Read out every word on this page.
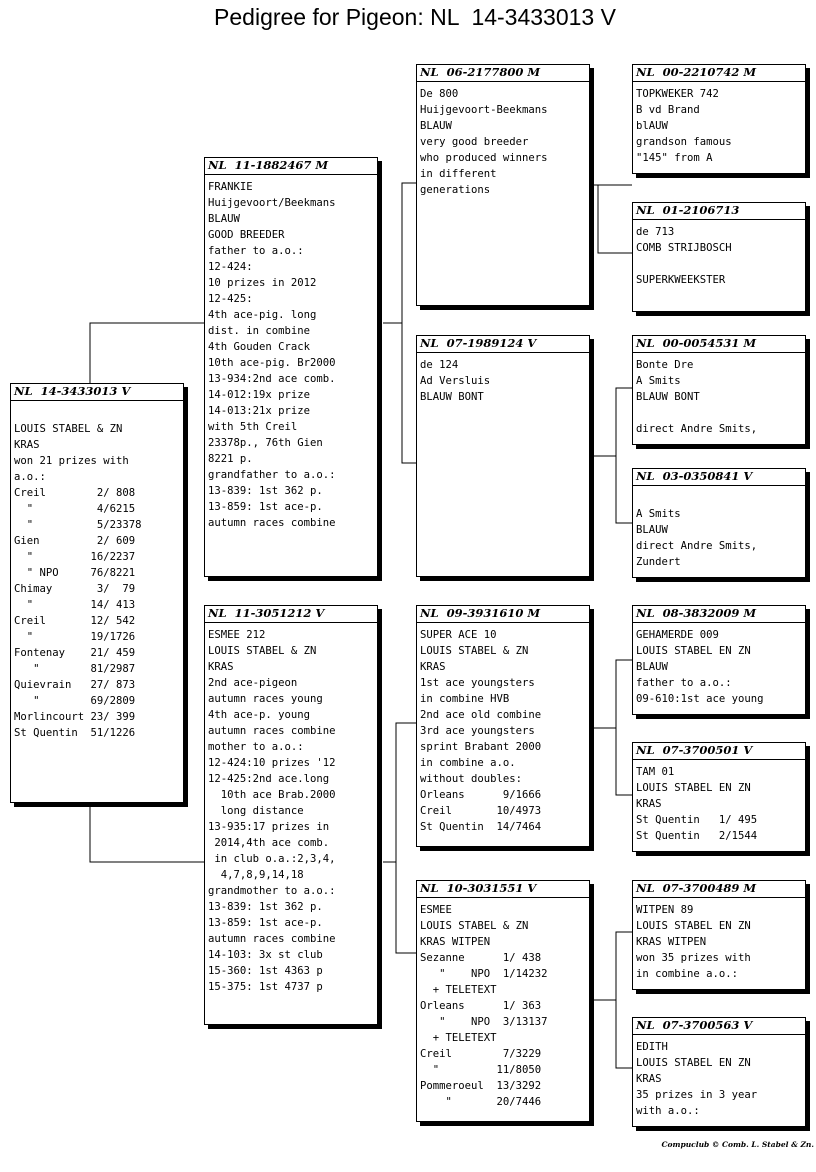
Pedigree for Pigeon: NL  14-3433013 V
NL  14-3433013 V

LOUIS STABEL & ZN
KRAS
won 21 prizes with
a.o.:
Creil        2/ 808
"          4/6215
"          5/23378
Gien         2/ 609
"         16/2237
" NPO     76/8221
Chimay       3/  79
"         14/ 413
Creil       12/ 542
"         19/1726
Fontenay    21/ 459
"        81/2987
Quievrain   27/ 873
"        69/2809
Morlincourt 23/ 399
St Quentin  51/1226
NL  11-1882467 M
FRANKIE
Huijgevoort/Beekmans
BLAUW
GOOD BREEDER
father to a.o.:
12-424:
10 prizes in 2012
12-425:
4th ace-pig. long
dist. in combine
4th Gouden Crack
10th ace-pig. Br2000
13-934:2nd ace comb.
14-012:19x prize
14-013:21x prize
with 5th Creil
23378p., 76th Gien
8221 p.
grandfather to a.o.:
13-839: 1st 362 p.
13-859: 1st ace-p.
autumn races combine
NL  11-3051212 V
ESMEE 212
LOUIS STABEL & ZN
KRAS
2nd ace-pigeon
autumn races young
4th ace-p. young
autumn races combine
mother to a.o.:
12-424:10 prizes '12
12-425:2nd ace.long
10th ace Brab.2000
long distance
13-935:17 prizes in
2014,4th ace comb.
in club o.a.:2,3,4,
4,7,8,9,14,18
grandmother to a.o.:
13-839: 1st 362 p.
13-859: 1st ace-p.
autumn races combine
14-103: 3x st club
15-360: 1st 4363 p
15-375: 1st 4737 p
NL  06-2177800 M
De 800
Huijgevoort-Beekmans
BLAUW
very good breeder
who produced winners
in different
generations
NL  07-1989124 V
de 124
Ad Versluis
BLAUW BONT
NL  09-3931610 M
SUPER ACE 10
LOUIS STABEL & ZN
KRAS
1st ace youngsters
in combine HVB
2nd ace old combine
3rd ace youngsters
sprint Brabant 2000
in combine a.o.
without doubles:
Orleans      9/1666
Creil       10/4973
St Quentin  14/7464
NL  10-3031551 V
ESMEE
LOUIS STABEL & ZN
KRAS WITPEN
Sezanne      1/ 438
"    NPO  1/14232
+ TELETEXT
Orleans      1/ 363
"    NPO  3/13137
+ TELETEXT
Creil        7/3229
"         11/8050
Pommeroeul  13/3292
"       20/7446
NL  00-2210742 M
TOPKWEKER 742
B vd Brand
blAUW
grandson famous
"145" from A
NL  01-2106713
de 713
COMB STRIJBOSCH

SUPERKWEEKSTER
NL  00-0054531 M
Bonte Dre
A Smits
BLAUW BONT

direct Andre Smits,
NL  03-0350841 V

A Smits
BLAUW
direct Andre Smits,
Zundert
NL  08-3832009 M
GEHAMERDE 009
LOUIS STABEL EN ZN
BLAUW
father to a.o.:
09-610:1st ace young
NL  07-3700501 V
TAM 01
LOUIS STABEL EN ZN
KRAS
St Quentin   1/ 495
St Quentin   2/1544
NL  07-3700489 M
WITPEN 89
LOUIS STABEL EN ZN
KRAS WITPEN
won 35 prizes with
in combine a.o.:
NL  07-3700563 V
EDITH
LOUIS STABEL EN ZN
KRAS
35 prizes in 3 year
with a.o.:
Compuclub © Comb. L. Stabel & Zn.
